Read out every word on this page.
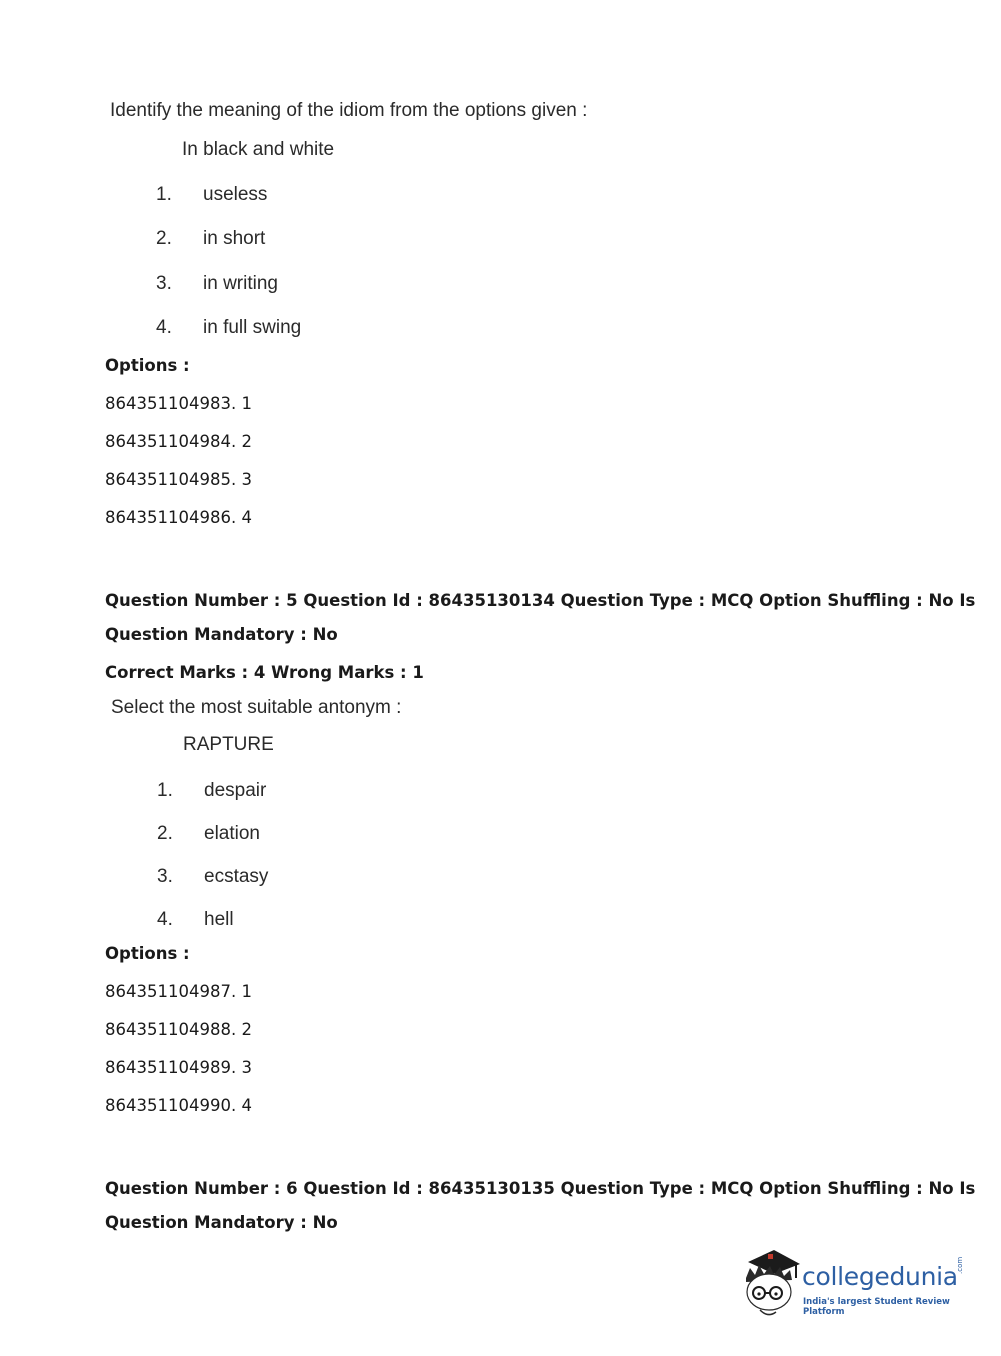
Identify the meaning of the idiom from the options given :
In black and white
1. useless
2. in short
3. in writing
4. in full swing
Options :
864351104983. 1
864351104984. 2
864351104985. 3
864351104986. 4
Question Number : 5 Question Id : 86435130134 Question Type : MCQ Option Shuffling : No Is
Question Mandatory : No
Correct Marks : 4 Wrong Marks : 1
Select the most suitable antonym :
RAPTURE
1. despair
2. elation
3. ecstasy
4. hell
Options :
864351104987. 1
864351104988. 2
864351104989. 3
864351104990. 4
Question Number : 6 Question Id : 86435130135 Question Type : MCQ Option Shuffling : No Is
Question Mandatory : No
collegedunia
.com
India's largest Student Review Platform
